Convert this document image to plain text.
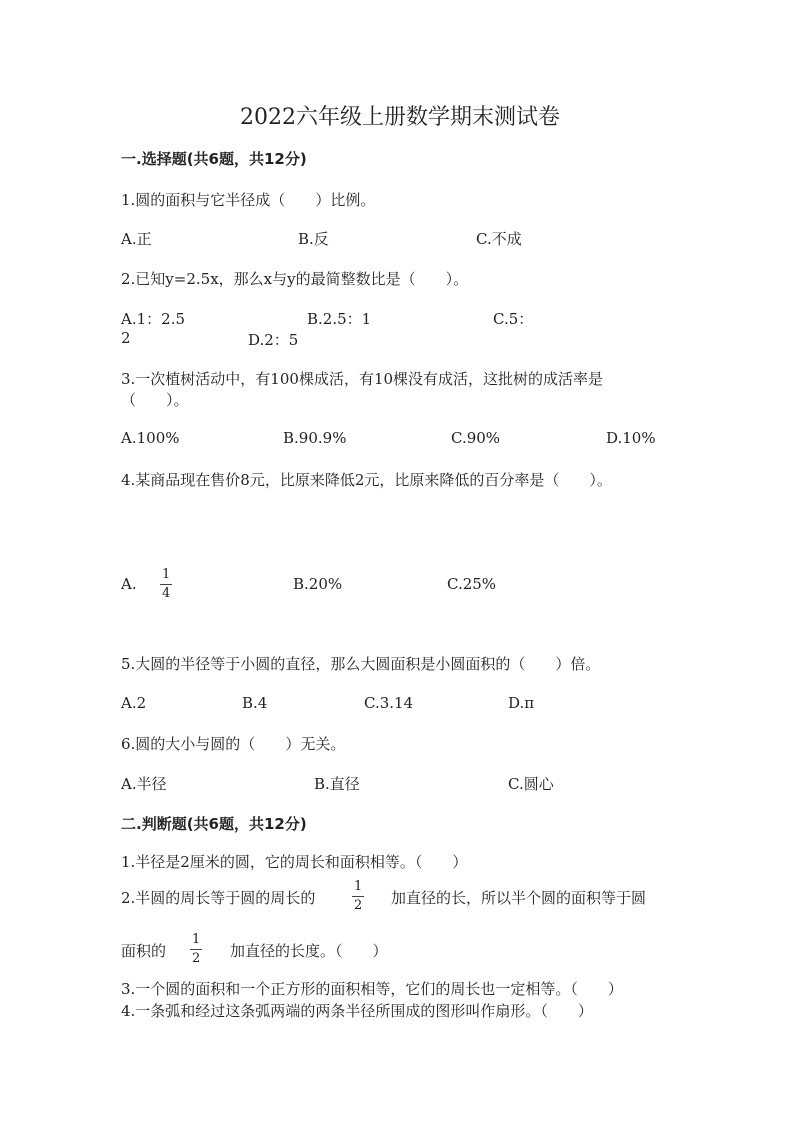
2022六年级上册数学期末测试卷
一.选择题(共6题，共12分)
1.圆的面积与它半径成（　　）比例。
A.正	B.反	C.不成
2.已知y=2.5x，那么x与y的最简整数比是（　　）。
A.1：2.5	B.2.5：1	C.5：
2	D.2：5
3.一次植树活动中，有100棵成活，有10棵没有成活，这批树的成活率是
（　　）。
A.100%	B.90.9%	C.90%	D.10%
4.某商品现在售价8元，比原来降低2元，比原来降低的百分率是（　　）。
A.
1
4
B.20%	C.25%
5.大圆的半径等于小圆的直径，那么大圆面积是小圆面积的（　　）倍。
A.2	B.4	C.3.14	D.π
6.圆的大小与圆的（　　）无关。
A.半径	B.直径	C.圆心
二.判断题(共6题，共12分)
1.半径是2厘米的圆，它的周长和面积相等。（　　）
2.半圆的周长等于圆的周长的
1
2 加直径的长，所以半个圆的面积等于圆
面积的
1
2 加直径的长度。（　　）
3.一个圆的面积和一个正方形的面积相等，它们的周长也一定相等。（　　）
4.一条弧和经过这条弧两端的两条半径所围成的图形叫作扇形。（　　）
